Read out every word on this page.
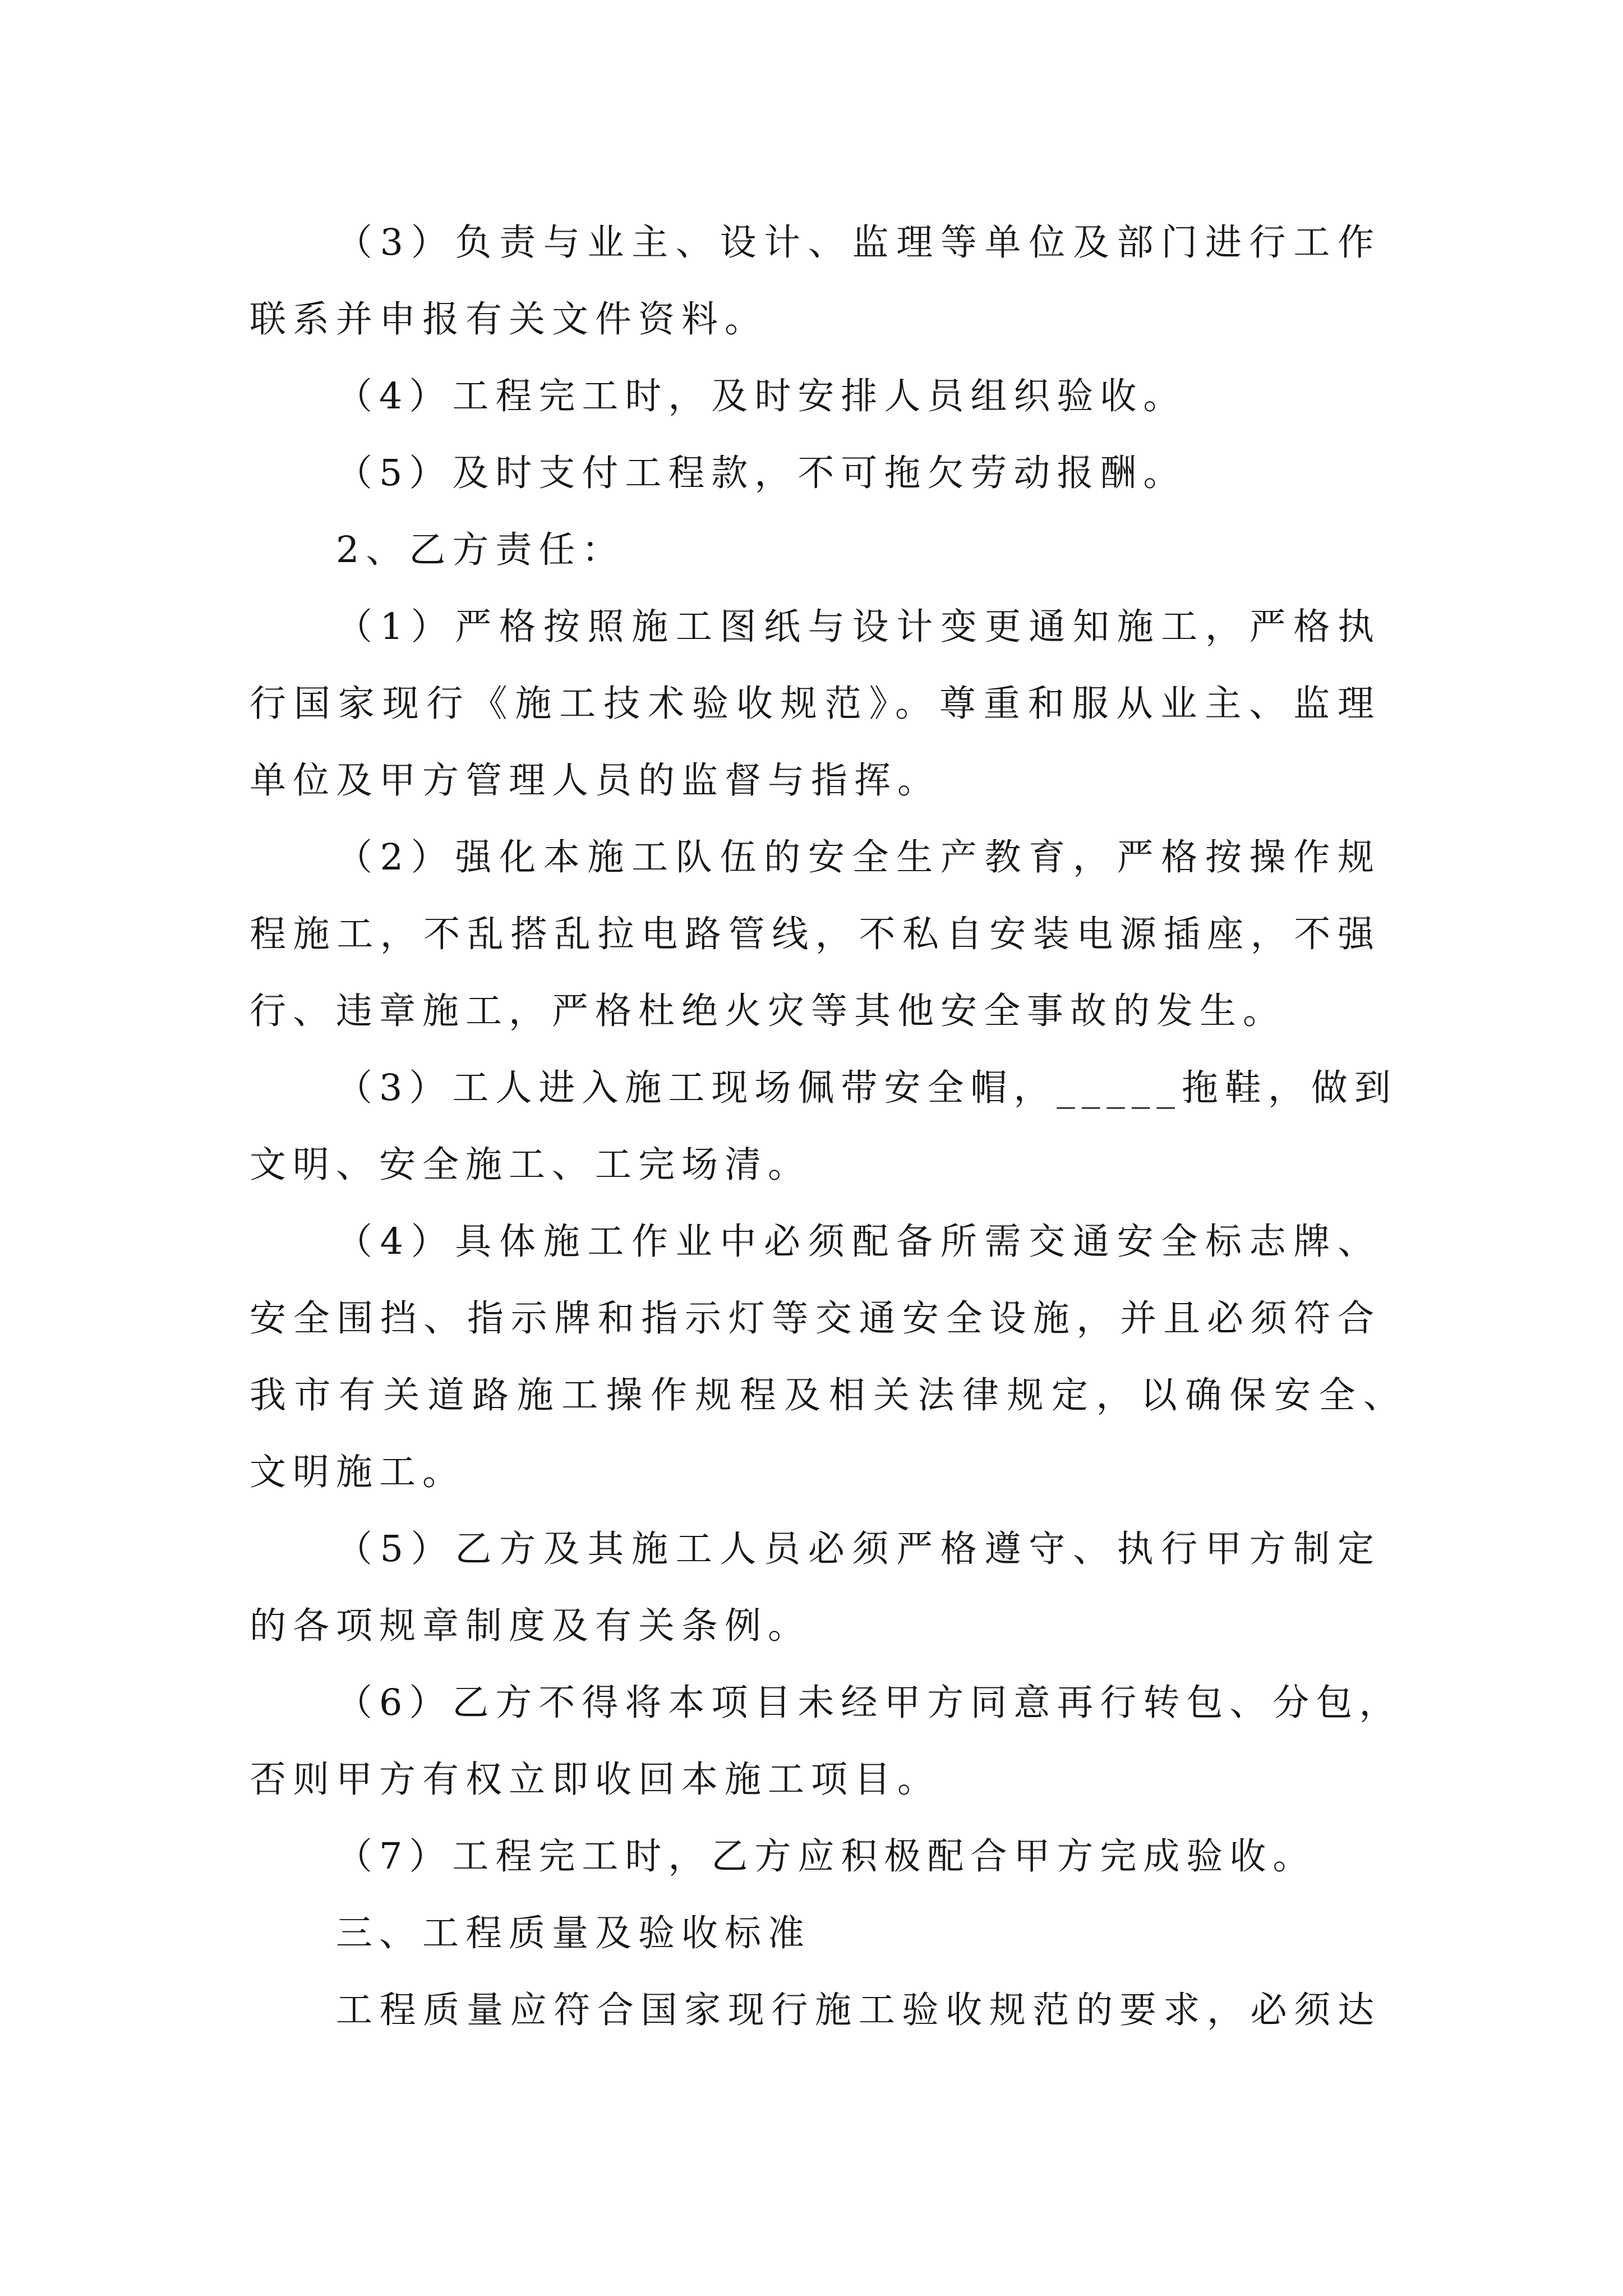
（3）负责与业主、设计、监理等单位及部门进行工作
联系并申报有关文件资料。
（4）工程完工时，及时安排人员组织验收。
（5）及时支付工程款，不可拖欠劳动报酬。
2、乙方责任：
（1）严格按照施工图纸与设计变更通知施工，严格执
行国家现行《施工技术验收规范》。尊重和服从业主、监理
单位及甲方管理人员的监督与指挥。
（2）强化本施工队伍的安全生产教育，严格按操作规
程施工，不乱搭乱拉电路管线，不私自安装电源插座，不强
行、违章施工，严格杜绝火灾等其他安全事故的发生。
（3）工人进入施工现场佩带安全帽，_____拖鞋，做到
文明、安全施工、工完场清。
（4）具体施工作业中必须配备所需交通安全标志牌、
安全围挡、指示牌和指示灯等交通安全设施，并且必须符合
我市有关道路施工操作规程及相关法律规定，以确保安全、
文明施工。
（5）乙方及其施工人员必须严格遵守、执行甲方制定
的各项规章制度及有关条例。
（6）乙方不得将本项目未经甲方同意再行转包、分包，
否则甲方有权立即收回本施工项目。
（7）工程完工时，乙方应积极配合甲方完成验收。
三、工程质量及验收标准
工程质量应符合国家现行施工验收规范的要求，必须达
